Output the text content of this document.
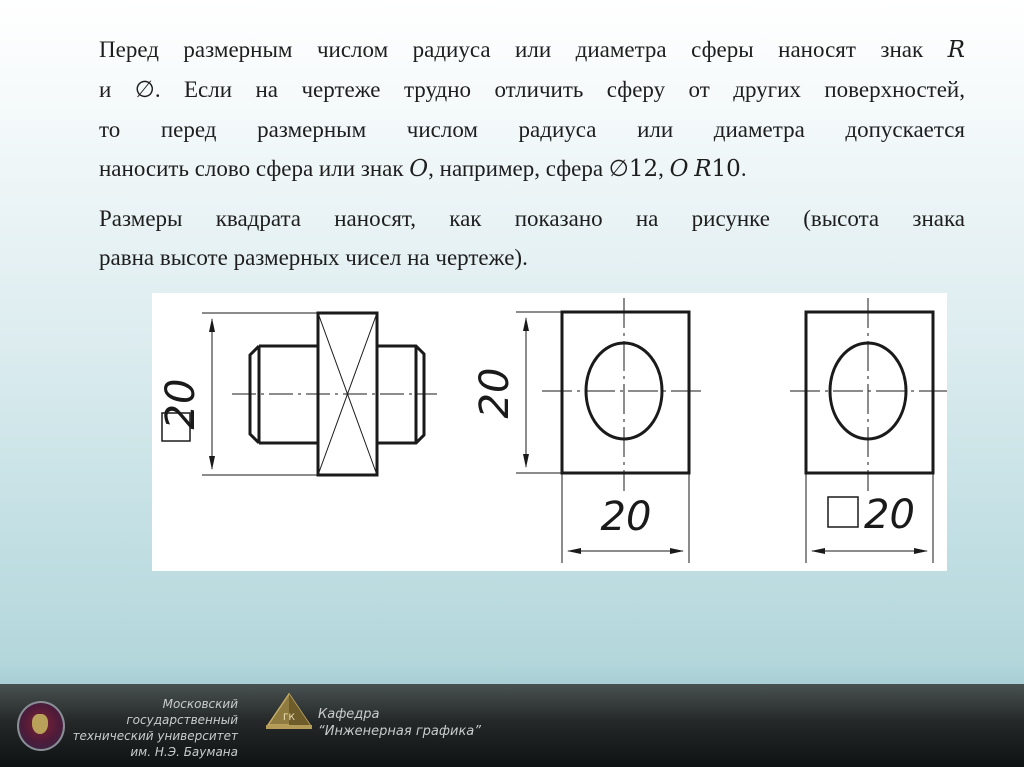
Перед размерным числом радиуса или диаметра сферы наносят знак R
и ∅. Если на чертеже трудно отличить сферу от других поверхностей,
то перед размерным числом радиуса или диаметра допускается
наносить слово сфера или знак O, например, сфера ∅12, O R10.

Размеры квадрата наносят, как показано на рисунке (высота знака
равна высоте размерных чисел на чертеже).

20	20
20	20
Московский государственный
технический университет
им. Н.Э. Баумана
ГК Кафедра
“Инженерная графика”
